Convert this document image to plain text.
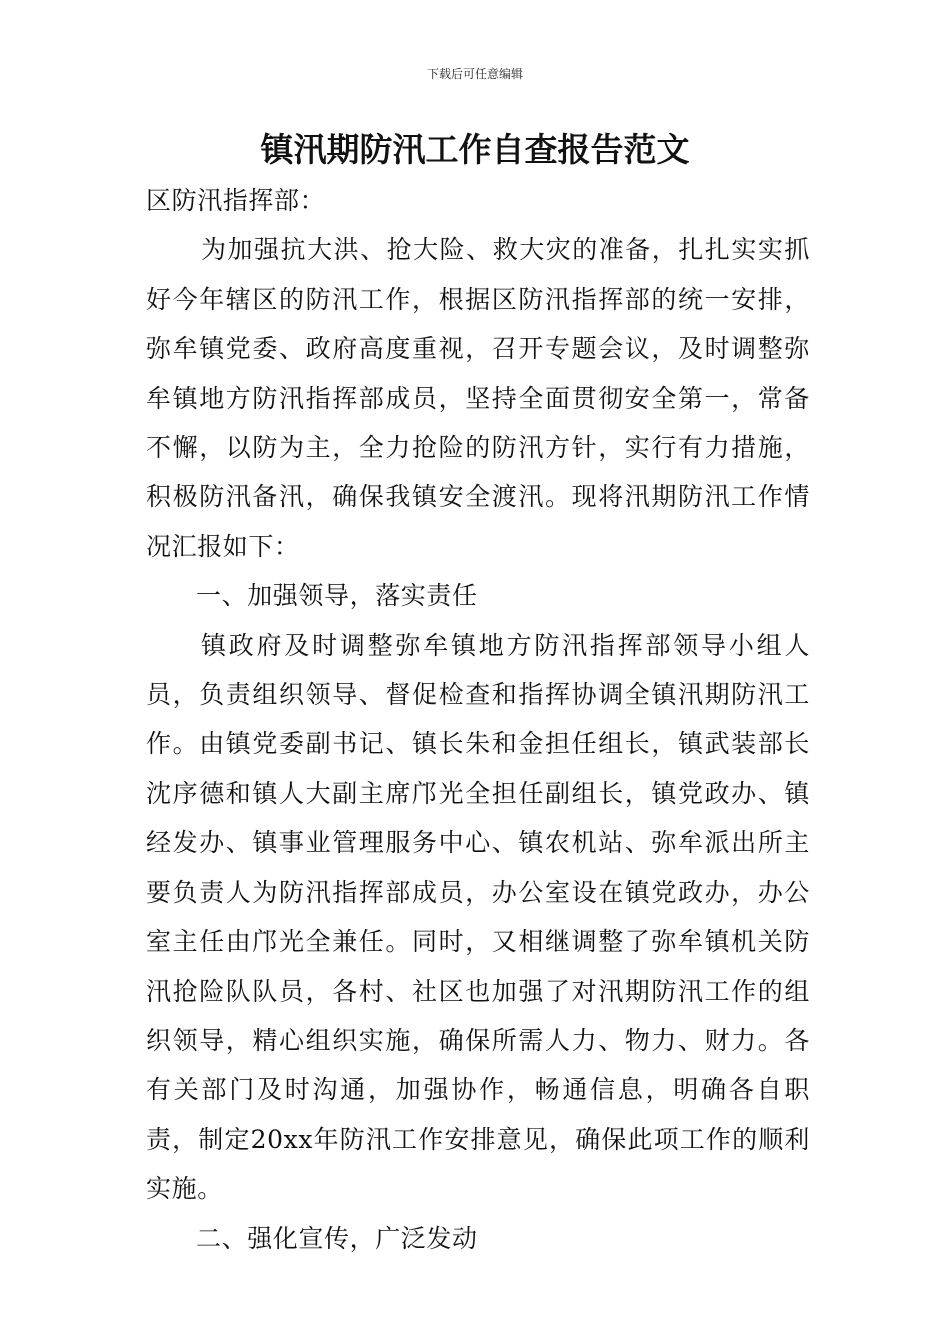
下载后可任意编辑
镇汛期防汛工作自查报告范文

区防汛指挥部：

为加强抗大洪、抢大险、救大灾的准备，扎扎实实抓好今年辖区的防汛工作，根据区防汛指挥部的统一安排，弥牟镇党委、政府高度重视，召开专题会议，及时调整弥牟镇地方防汛指挥部成员，坚持全面贯彻安全第一，常备不懈，以防为主，全力抢险的防汛方针，实行有力措施，积极防汛备汛，确保我镇安全渡汛。现将汛期防汛工作情况汇报如下：

一、加强领导，落实责任

镇政府及时调整弥牟镇地方防汛指挥部领导小组人员，负责组织领导、督促检查和指挥协调全镇汛期防汛工作。由镇党委副书记、镇长朱和金担任组长，镇武装部长沈序德和镇人大副主席邝光全担任副组长，镇党政办、镇经发办、镇事业管理服务中心、镇农机站、弥牟派出所主要负责人为防汛指挥部成员，办公室设在镇党政办，办公室主任由邝光全兼任。同时，又相继调整了弥牟镇机关防汛抢险队队员，各村、社区也加强了对汛期防汛工作的组织领导，精心组织实施，确保所需人力、物力、财力。各有关部门及时沟通，加强协作，畅通信息，明确各自职责，制定20xx年防汛工作安排意见，确保此项工作的顺利实施。

二、强化宣传，广泛发动
